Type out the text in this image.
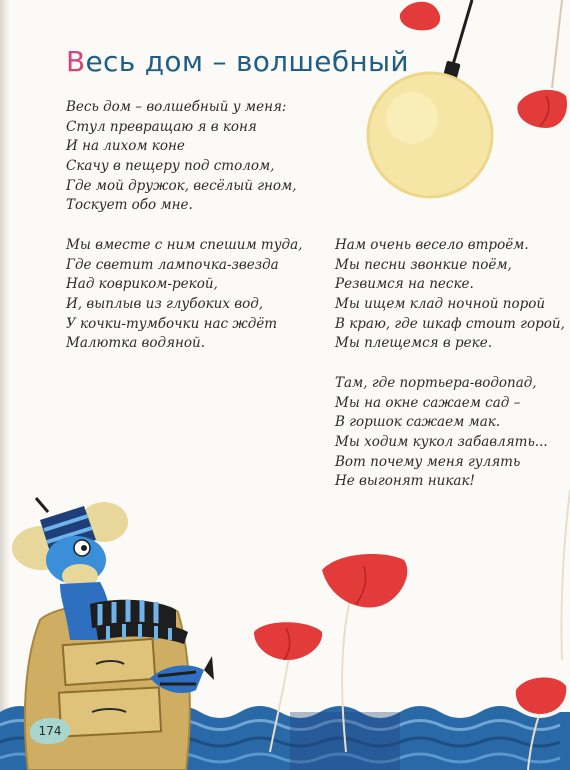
Весь дом – волшебный
Весь дом – волшебный у меня:
Стул превращаю я в коня
И на лихом коне
Скачу в пещеру под столом,
Где мой дружок, весёлый гном,
Тоскует обо мне.
Мы вместе с ним спешим туда,
Где светит лампочка-звезда
Над ковриком-рекой,
И, выплыв из глубоких вод,
У кочки-тумбочки нас ждёт
Малютка водяной.
Нам очень весело втроём.
Мы песни звонкие поём,
Резвимся на песке.
Мы ищем клад ночной порой
В краю, где шкаф стоит горой,
Мы плещемся в реке.
Там, где портьера-водопад,
Мы на окне сажаем сад –
В горшок сажаем мак.
Мы ходим кукол забавлять...
Вот почему меня гулять
Не выгонят никак!
174
